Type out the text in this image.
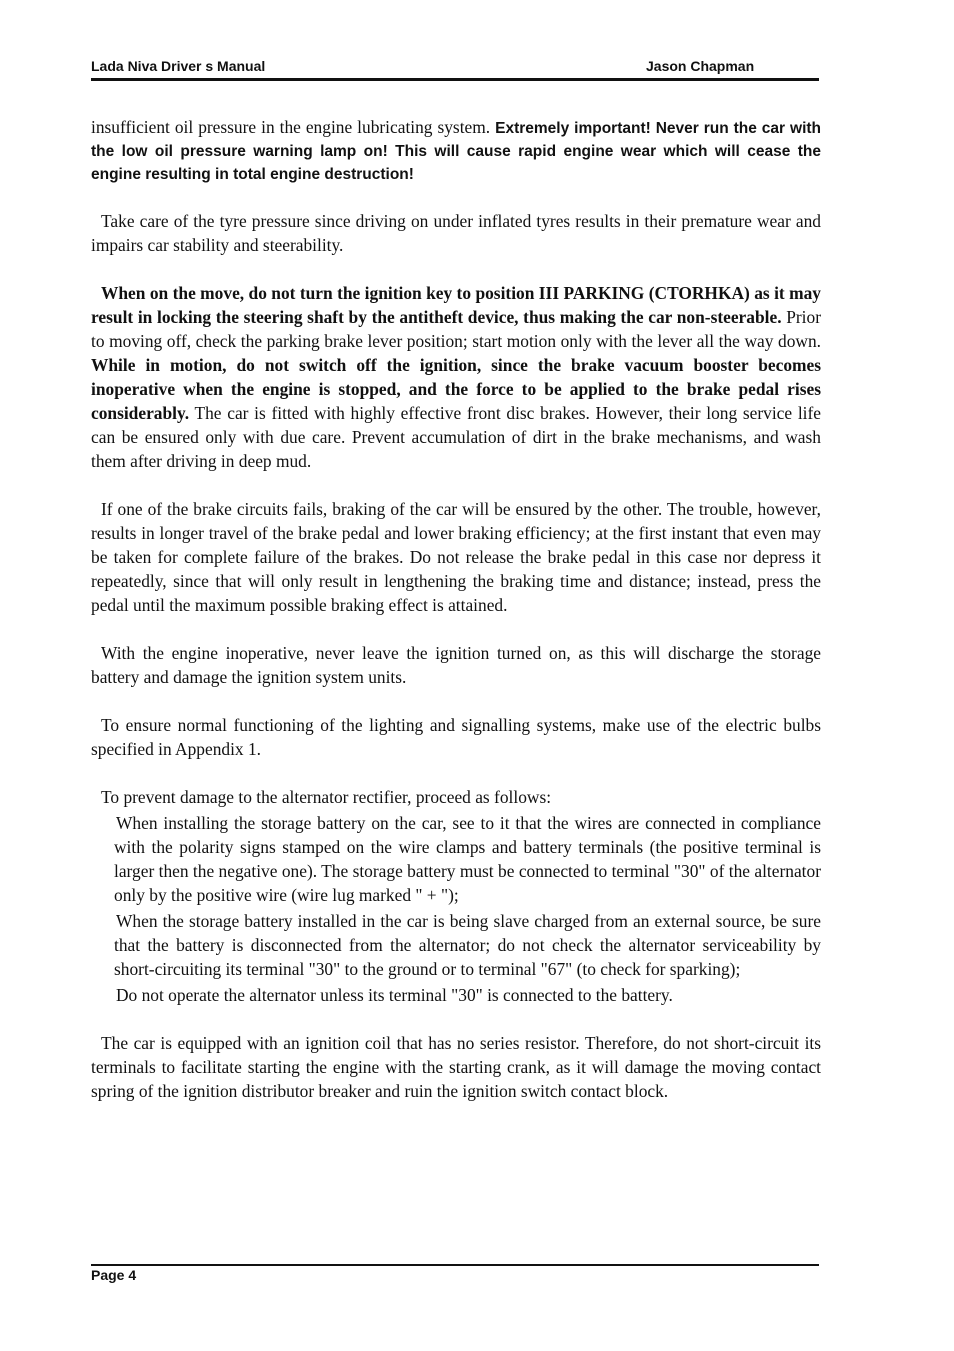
Lada Niva Driver s Manual	Jason Chapman

insufficient oil pressure in the engine lubricating system. Extremely important! Never run the car with the low oil pressure warning lamp on! This will cause rapid engine wear which will cease the engine resulting in total engine destruction!

Take care of the tyre pressure since driving on under inflated tyres results in their premature wear and impairs car stability and steerability.

When on the move, do not turn the ignition key to position III PARKING (CTORHKA) as it may result in locking the steering shaft by the antitheft device, thus making the car non-steerable. Prior to moving off, check the parking brake lever position; start motion only with the lever all the way down. While in motion, do not switch off the ignition, since the brake vacuum booster becomes inoperative when the engine is stopped, and the force to be applied to the brake pedal rises considerably. The car is fitted with highly effective front disc brakes. However, their long service life can be ensured only with due care. Prevent accumulation of dirt in the brake mechanisms, and wash them after driving in deep mud.

If one of the brake circuits fails, braking of the car will be ensured by the other. The trouble, however, results in longer travel of the brake pedal and lower braking efficiency; at the first instant that even may be taken for complete failure of the brakes. Do not release the brake pedal in this case nor depress it repeatedly, since that will only result in lengthening the braking time and distance; instead, press the pedal until the maximum possible braking effect is attained.

With the engine inoperative, never leave the ignition turned on, as this will discharge the storage battery and damage the ignition system units.

To ensure normal functioning of the lighting and signalling systems, make use of the electric bulbs specified in Appendix 1.

To prevent damage to the alternator rectifier, proceed as follows:

When installing the storage battery on the car, see to it that the wires are connected in compliance with the polarity signs stamped on the wire clamps and battery terminals (the positive terminal is larger then the negative one). The storage battery must be connected to terminal "30" of the alternator only by the positive wire (wire lug marked " + ");

When the storage battery installed in the car is being slave charged from an external source, be sure that the battery is disconnected from the alternator; do not check the alternator serviceability by short-circuiting its terminal "30" to the ground or to terminal "67" (to check for sparking);

Do not operate the alternator unless its terminal "30" is connected to the battery.

The car is equipped with an ignition coil that has no series resistor. Therefore, do not short-circuit its terminals to facilitate starting the engine with the starting crank, as it will damage the moving contact spring of the ignition distributor breaker and ruin the ignition switch contact block.

Page 4
